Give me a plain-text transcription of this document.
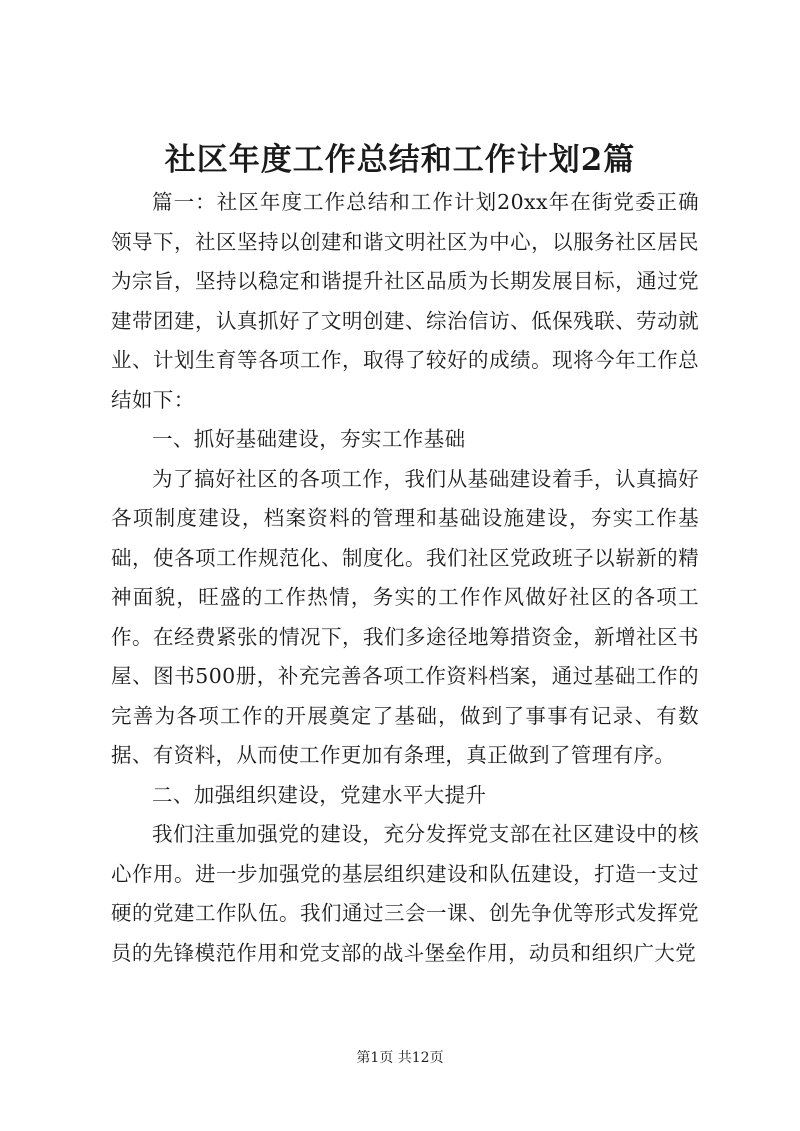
社区年度工作总结和工作计划2篇

篇一：社区年度工作总结和工作计划20xx年在街党委正确领导下，社区坚持以创建和谐文明社区为中心，以服务社区居民为宗旨，坚持以稳定和谐提升社区品质为长期发展目标，通过党建带团建，认真抓好了文明创建、综治信访、低保残联、劳动就业、计划生育等各项工作，取得了较好的成绩。现将今年工作总结如下：

一、抓好基础建设，夯实工作基础

为了搞好社区的各项工作，我们从基础建设着手，认真搞好各项制度建设，档案资料的管理和基础设施建设，夯实工作基础，使各项工作规范化、制度化。我们社区党政班子以崭新的精神面貌，旺盛的工作热情，务实的工作作风做好社区的各项工作。在经费紧张的情况下，我们多途径地筹措资金，新增社区书屋、图书500册，补充完善各项工作资料档案，通过基础工作的完善为各项工作的开展奠定了基础，做到了事事有记录、有数据、有资料，从而使工作更加有条理，真正做到了管理有序。

二、加强组织建设，党建水平大提升

我们注重加强党的建设，充分发挥党支部在社区建设中的核心作用。进一步加强党的基层组织建设和队伍建设，打造一支过硬的党建工作队伍。我们通过三会一课、创先争优等形式发挥党员的先锋模范作用和党支部的战斗堡垒作用，动员和组织广大党

第1页 共12页
